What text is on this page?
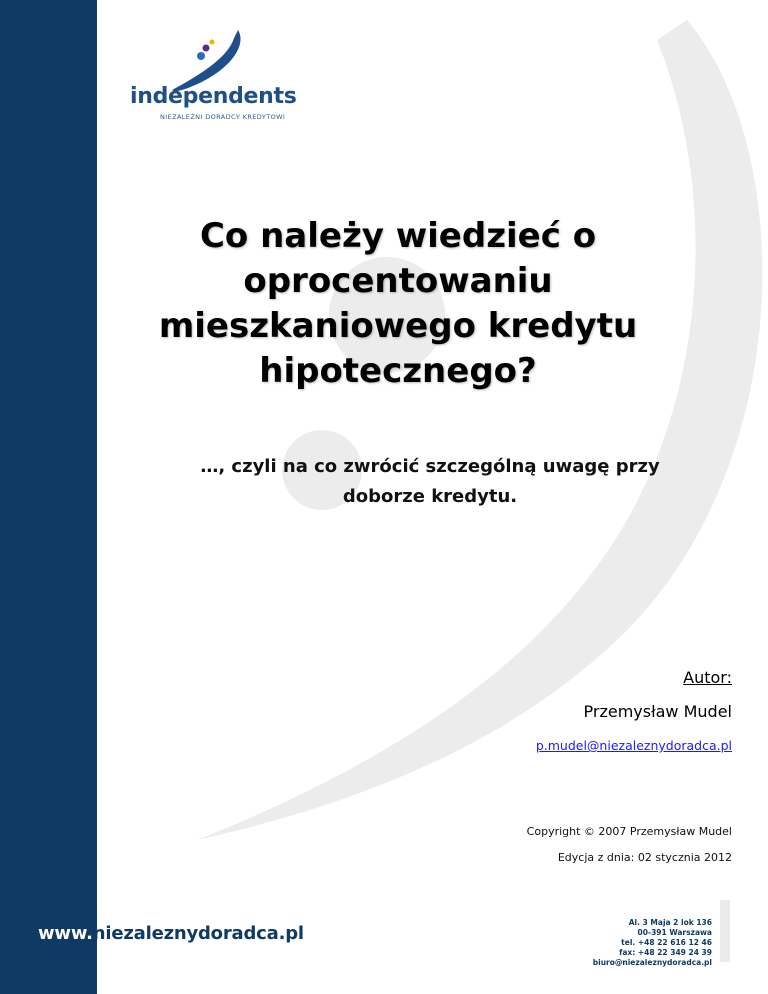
independents

NIEZALEŻNI DORADCY KREDYTOWI
Co należy wiedzieć o
oprocentowaniu
mieszkaniowego kredytu
hipotecznego?

…, czyli na co zwrócić szczególną uwagę przy
doborze kredytu.

Autor:
Przemysław Mudel
p.mudel@niezaleznydoradca.pl
Copyright © 2007 Przemysław Mudel
Edycja z dnia: 02 stycznia 2012
www.niezaleznydoradca.pl
Al. 3 Maja 2 lok 136
00-391 Warszawa
tel. +48 22 616 12 46
fax: +48 22 349 24 39
biuro@niezaleznydoradca.pl
